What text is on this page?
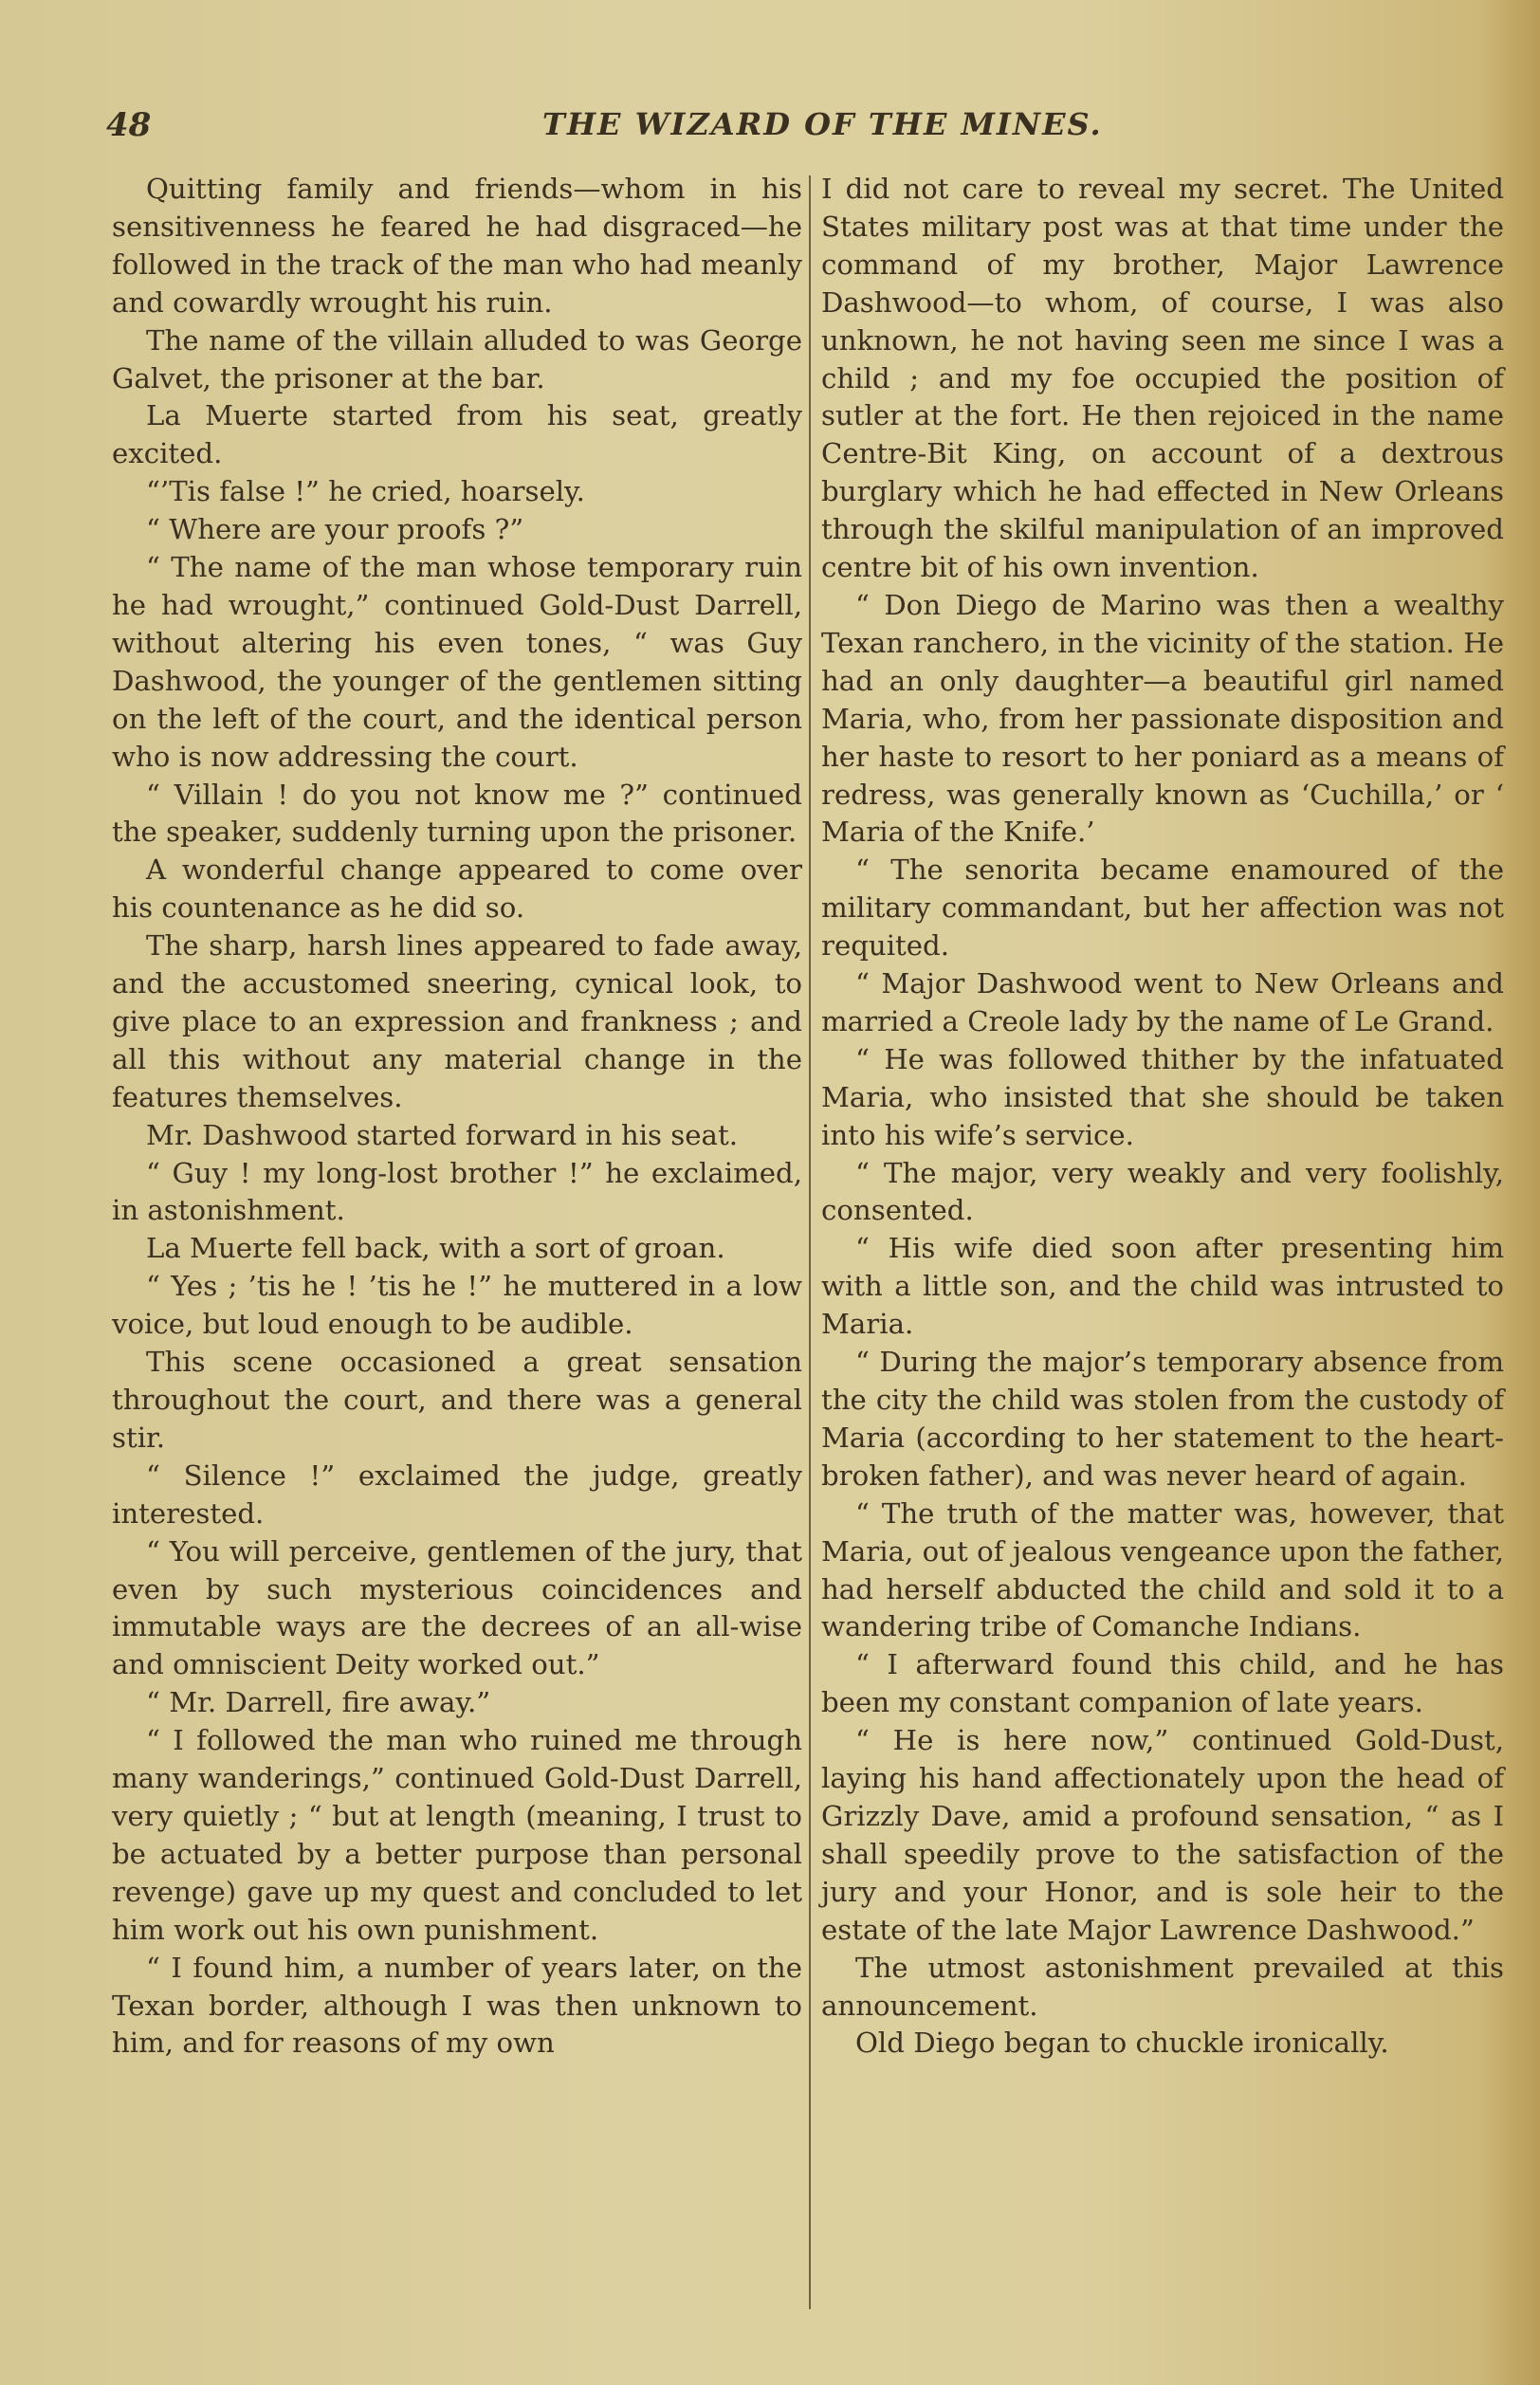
48	THE WIZARD OF THE MINES.

Quitting family and friends—whom in his sensitivenness he feared he had disgraced—he followed in the track of the man who had meanly and cowardly wrought his ruin.

The name of the villain alluded to was George Galvet, the prisoner at the bar.

La Muerte started from his seat, greatly excited.

“’Tis false !” he cried, hoarsely.

“ Where are your proofs ?”

“ The name of the man whose temporary ruin he had wrought,” continued Gold-Dust Darrell, without altering his even tones, “ was Guy Dashwood, the younger of the gentlemen sitting on the left of the court, and the identical person who is now addressing the court.

“ Villain ! do you not know me ?” continued the speaker, suddenly turning upon the prisoner.

A wonderful change appeared to come over his countenance as he did so.

The sharp, harsh lines appeared to fade away, and the accustomed sneering, cynical look, to give place to an expression and frankness ; and all this without any material change in the features themselves.

Mr. Dashwood started forward in his seat.

“ Guy ! my long-lost brother !” he exclaimed, in astonishment.

La Muerte fell back, with a sort of groan.

“ Yes ; ’tis he ! ’tis he !” he muttered in a low voice, but loud enough to be audible.

This scene occasioned a great sensation throughout the court, and there was a general stir.

“ Silence !” exclaimed the judge, greatly interested.

“ You will perceive, gentlemen of the jury, that even by such mysterious coincidences and immutable ways are the decrees of an all-wise and omniscient Deity worked out.”

“ Mr. Darrell, fire away.”

“ I followed the man who ruined me through many wanderings,” continued Gold-Dust Darrell, very quietly ; “ but at length (meaning, I trust to be actuated by a better purpose than personal revenge) gave up my quest and concluded to let him work out his own punishment.

“ I found him, a number of years later, on the Texan border, although I was then unknown to him, and for reasons of my own

I did not care to reveal my secret. The United States military post was at that time under the command of my brother, Major Lawrence Dashwood—to whom, of course, I was also unknown, he not having seen me since I was a child ; and my foe occupied the position of sutler at the fort. He then rejoiced in the name Centre-Bit King, on account of a dextrous burglary which he had effected in New Orleans through the skilful manipulation of an improved centre bit of his own invention.

“ Don Diego de Marino was then a wealthy Texan ranchero, in the vicinity of the station. He had an only daughter—a beautiful girl named Maria, who, from her passionate disposition and her haste to resort to her poniard as a means of redress, was generally known as ‘Cuchilla,’ or ‘ Maria of the Knife.’

“ The senorita became enamoured of the military commandant, but her affection was not requited.

“ Major Dashwood went to New Orleans and married a Creole lady by the name of Le Grand.

“ He was followed thither by the infatuated Maria, who insisted that she should be taken into his wife’s service.

“ The major, very weakly and very foolishly, consented.

“ His wife died soon after presenting him with a little son, and the child was intrusted to Maria.

“ During the major’s temporary absence from the city the child was stolen from the custody of Maria (according to her statement to the heart-broken father), and was never heard of again.

“ The truth of the matter was, however, that Maria, out of jealous vengeance upon the father, had herself abducted the child and sold it to a wandering tribe of Comanche Indians.

“ I afterward found this child, and he has been my constant companion of late years.

“ He is here now,” continued Gold-Dust, laying his hand affectionately upon the head of Grizzly Dave, amid a profound sensation, “ as I shall speedily prove to the satisfaction of the jury and your Honor, and is sole heir to the estate of the late Major Lawrence Dashwood.”

The utmost astonishment prevailed at this announcement.

Old Diego began to chuckle ironically.
